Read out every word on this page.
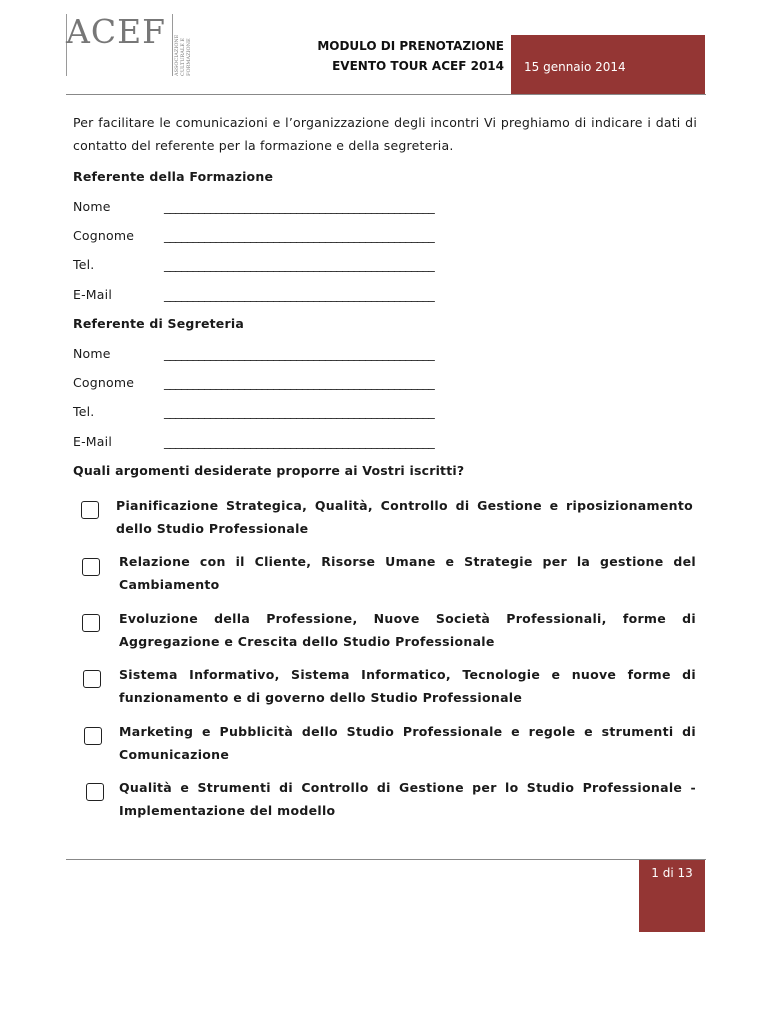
ACEF
ASSOCIAZIONE CULTURALE E FORMAZIONE	MODULO DI PRENOTAZIONE
EVENTO TOUR ACEF 2014 15 gennaio 2014
Per facilitare le comunicazioni e l’organizzazione degli incontri Vi preghiamo di indicare i dati di contatto del referente per la formazione e della segreteria.
Referente della Formazione
Nome	_______________________________________________
Cognome _______________________________________________
Tel.	_______________________________________________
E-Mail	_______________________________________________
Referente di Segreteria
Nome	_______________________________________________
Cognome _______________________________________________
Tel.	_______________________________________________
E-Mail	_______________________________________________
Quali argomenti desiderate proporre ai Vostri iscritti?
Pianificazione Strategica, Qualità, Controllo di Gestione e riposizionamento dello Studio Professionale
Relazione con il Cliente, Risorse Umane e Strategie per la gestione del Cambiamento
Evoluzione della Professione, Nuove Società Professionali, forme di Aggregazione e Crescita dello Studio Professionale
Sistema Informativo, Sistema Informatico, Tecnologie e nuove forme di funzionamento e di governo dello Studio Professionale
Marketing e Pubblicità dello Studio Professionale e regole e strumenti di Comunicazione
Qualità e Strumenti di Controllo di Gestione per lo Studio Professionale - Implementazione del modello
1 di 13
